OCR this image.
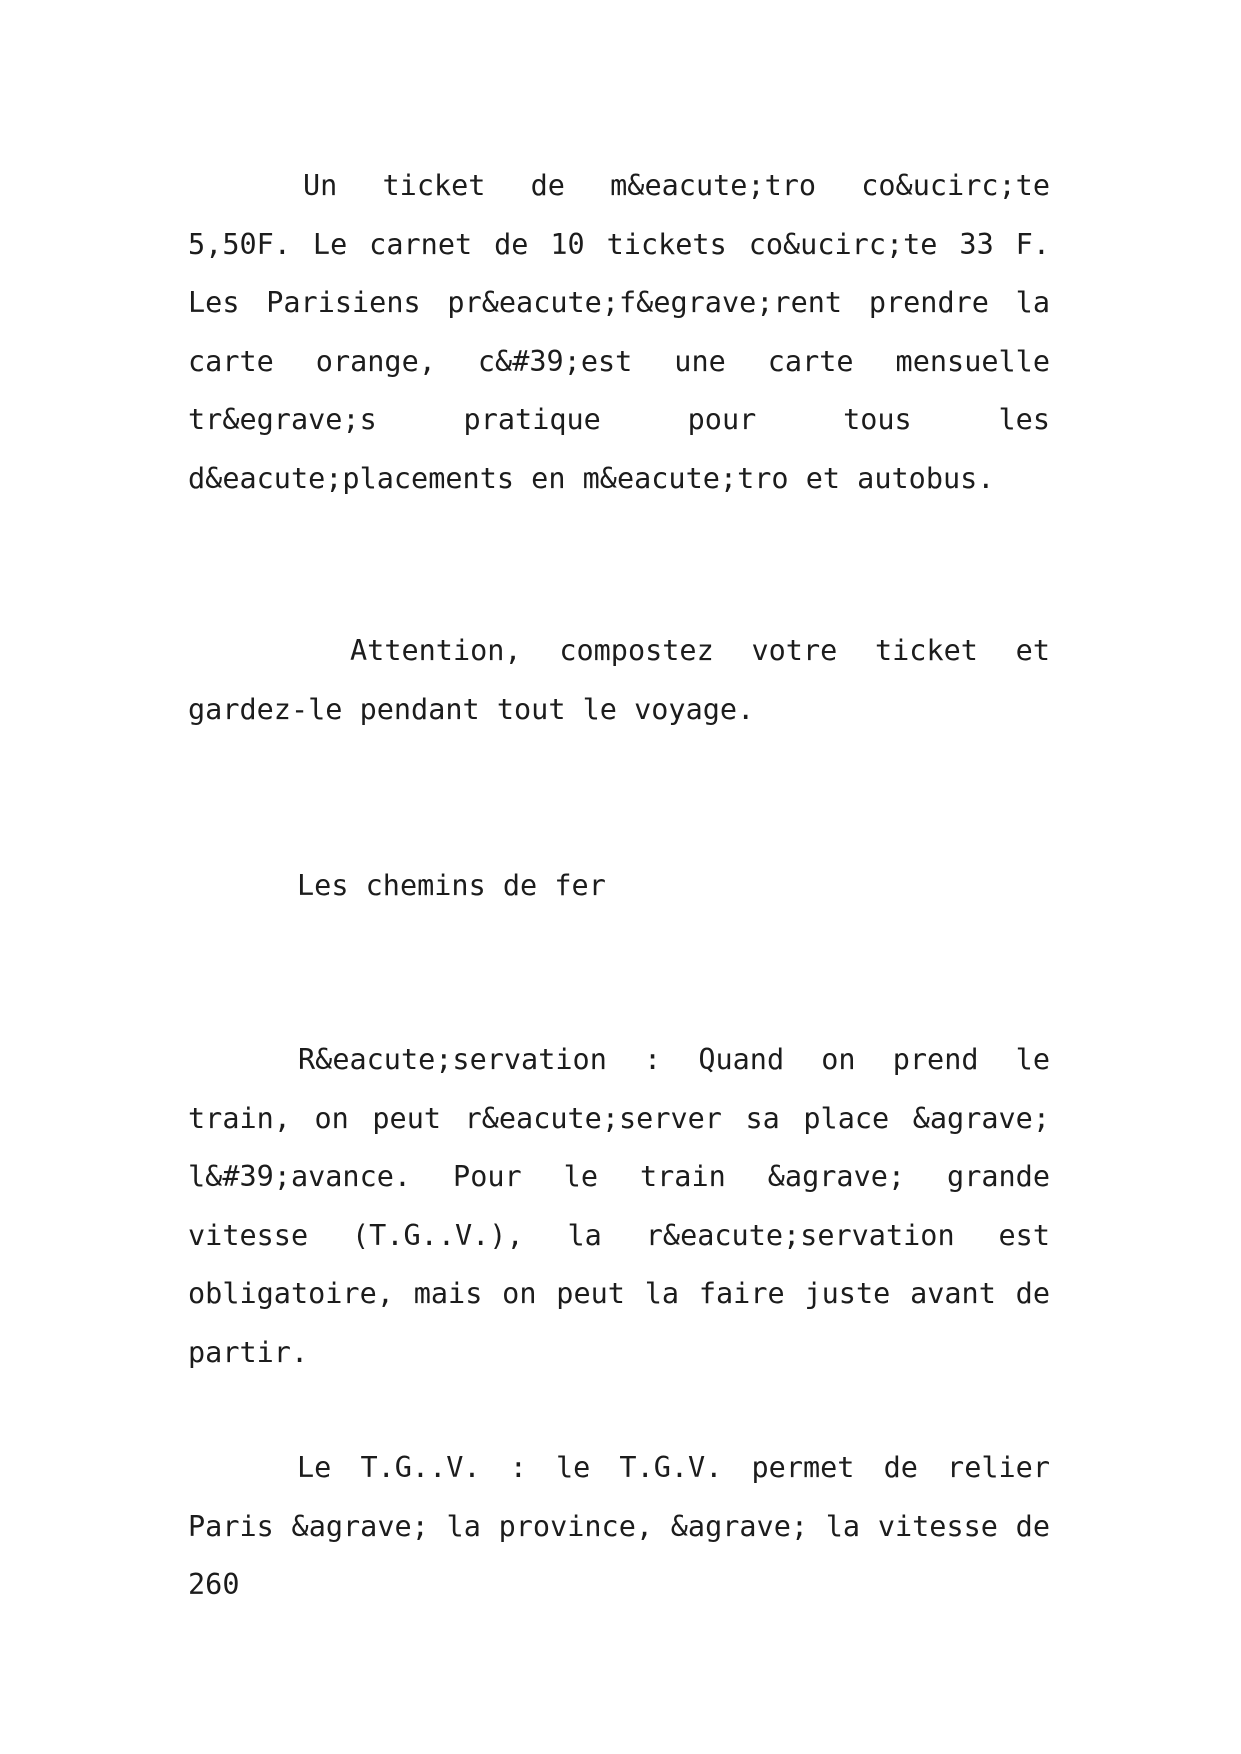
Un ticket de m&eacute;tro co&ucirc;te 5,50F. Le carnet de 10 tickets co&ucirc;te 33 F. Les Parisiens pr&eacute;f&egrave;rent prendre la carte orange, c&#39;est une carte mensuelle tr&egrave;s pratique pour tous les d&eacute;placements en m&eacute;tro et autobus.

Attention, compostez votre ticket et gardez-le pendant tout le voyage.

Les chemins de fer

R&eacute;servation : Quand on prend le train, on peut r&eacute;server sa place &agrave; l&#39;avance. Pour le train &agrave; grande vitesse (T.G..V.), la r&eacute;servation est obligatoire, mais on peut la faire juste avant de partir.

Le T.G..V. : le T.G.V. permet de relier Paris &agrave; la province, &agrave; la vitesse de 260
